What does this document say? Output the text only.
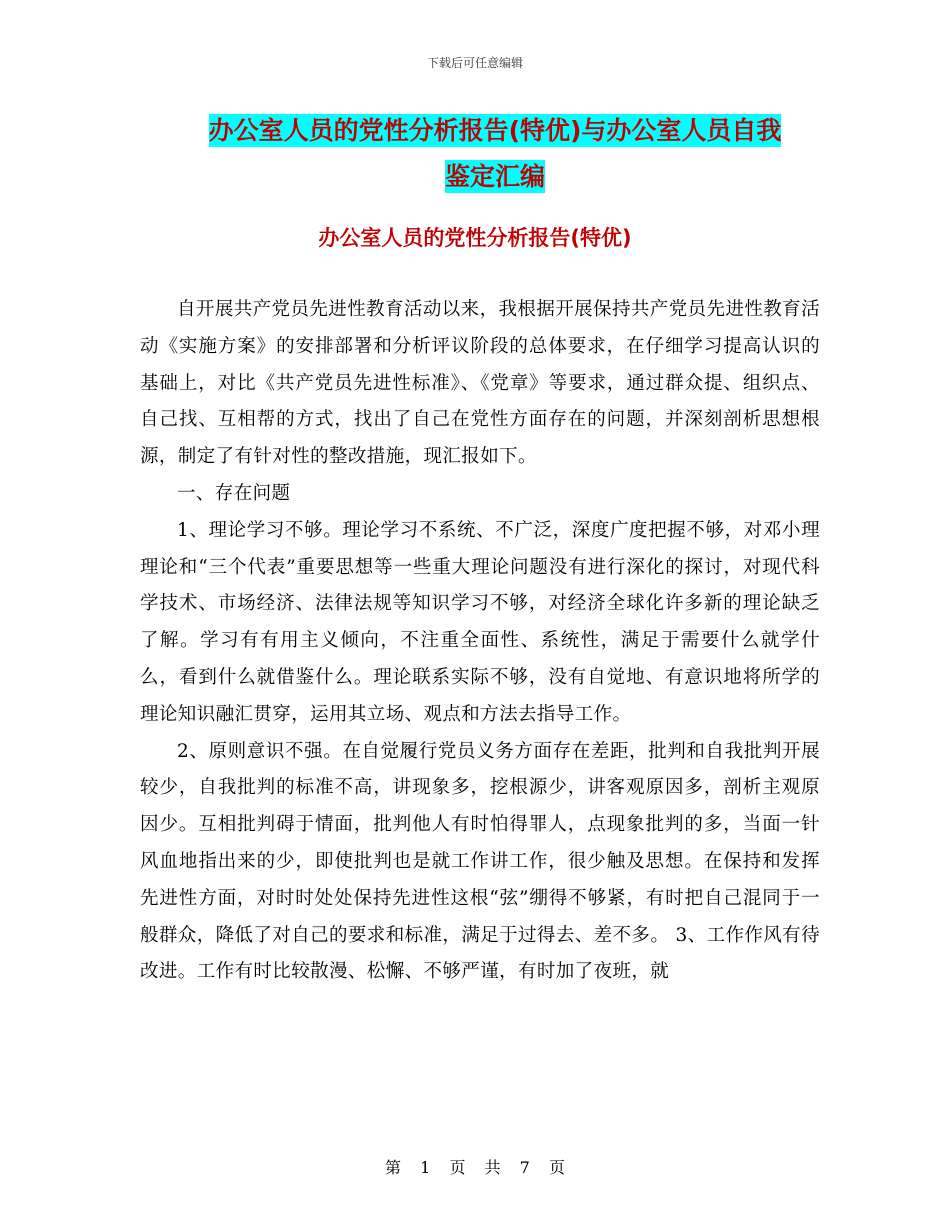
下载后可任意编辑
办公室人员的党性分析报告(特优)与办公室人员自我
鉴定汇编
办公室人员的党性分析报告(特优)

自开展共产党员先进性教育活动以来，我根据开展保持共产党员先进性教育活动《实施方案》的安排部署和分析评议阶段的总体要求，在仔细学习提高认识的基础上，对比《共产党员先进性标准》、《党章》等要求，通过群众提、组织点、自己找、互相帮的方式，找出了自己在党性方面存在的问题，并深刻剖析思想根源，制定了有针对性的整改措施，现汇报如下。

一、存在问题

1、理论学习不够。理论学习不系统、不广泛，深度广度把握不够，对邓小理理论和“三个代表”重要思想等一些重大理论问题没有进行深化的探讨，对现代科学技术、市场经济、法律法规等知识学习不够，对经济全球化许多新的理论缺乏了解。学习有有用主义倾向，不注重全面性、系统性，满足于需要什么就学什么，看到什么就借鉴什么。理论联系实际不够，没有自觉地、有意识地将所学的理论知识融汇贯穿，运用其立场、观点和方法去指导工作。

2、原则意识不强。在自觉履行党员义务方面存在差距，批判和自我批判开展较少，自我批判的标准不高，讲现象多，挖根源少，讲客观原因多，剖析主观原因少。互相批判碍于情面，批判他人有时怕得罪人，点现象批判的多，当面一针风血地指出来的少，即使批判也是就工作讲工作，很少触及思想。在保持和发挥先进性方面，对时时处处保持先进性这根“弦”绷得不够紧，有时把自己混同于一般群众，降低了对自己的要求和标准，满足于过得去、差不多。 3、工作作风有待改进。工作有时比较散漫、松懈、不够严谨，有时加了夜班，就

第 1 页 共 7 页
